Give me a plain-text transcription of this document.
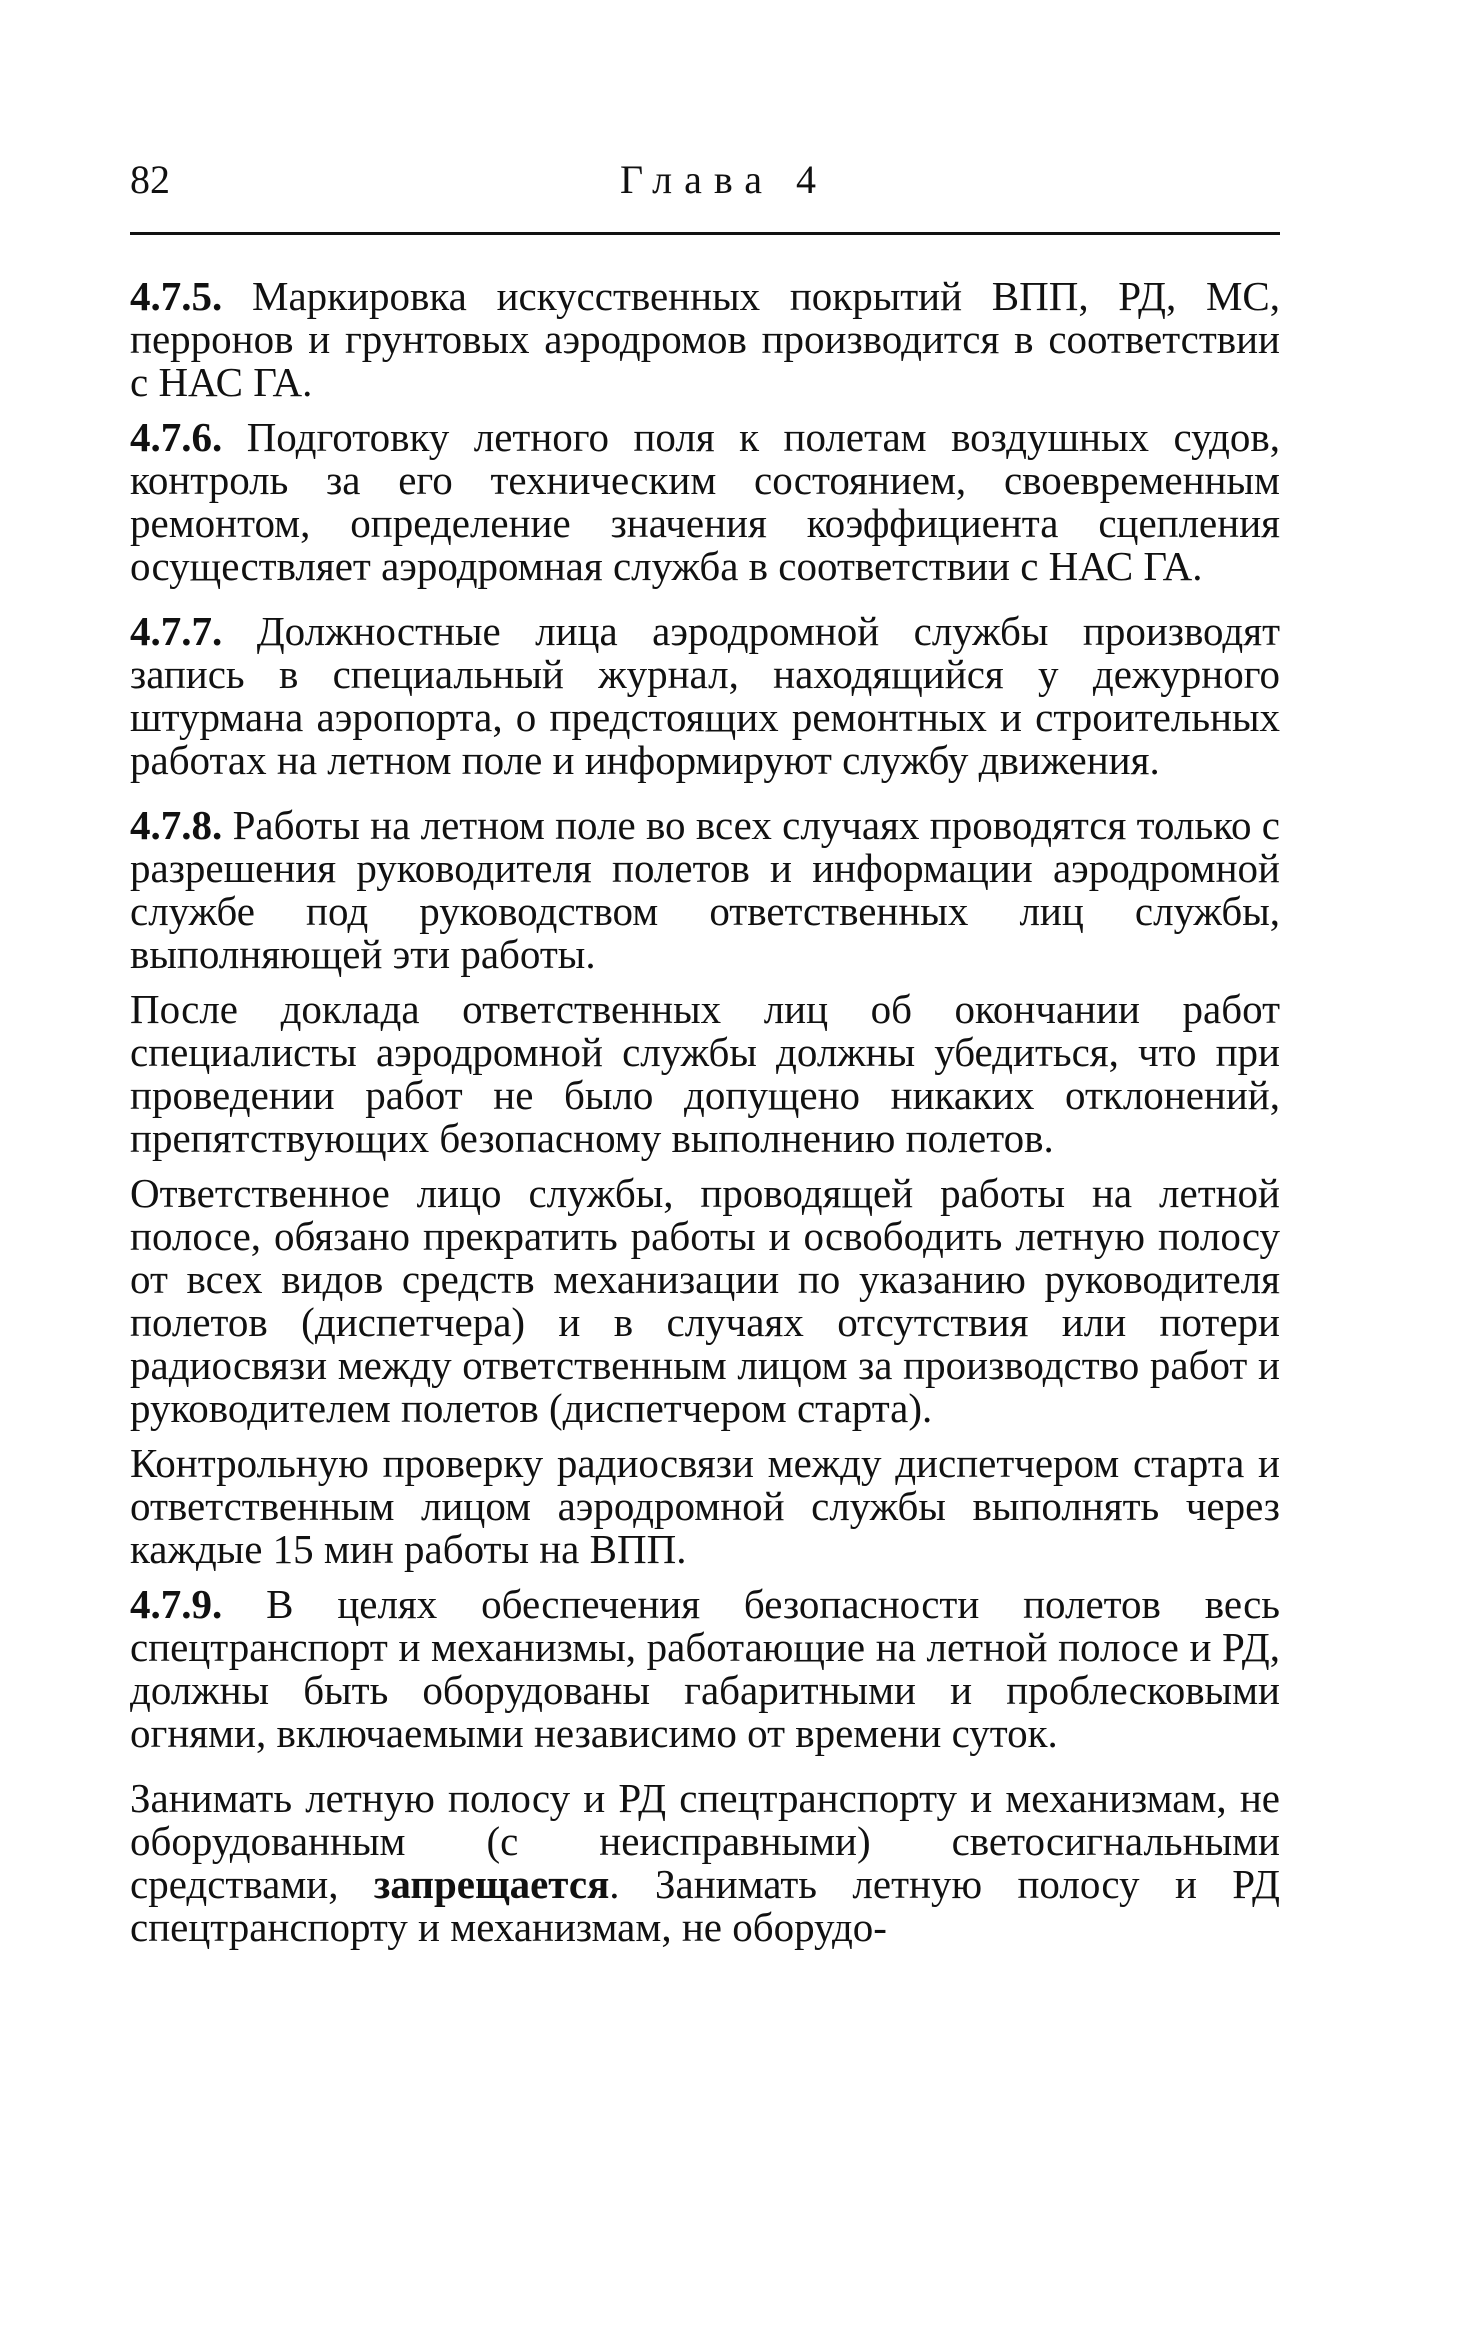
82	Глава 4

4.7.5. Маркировка искусственных покрытий ВПП, РД, МС, перронов и грунтовых аэродромов производится в соответствии с НАС ГА.

4.7.6. Подготовку летного поля к полетам воздушных судов, контроль за его техническим состоянием, своевременным ремонтом, определение значения коэффициента сцепления осуществляет аэродромная служба в соответствии с НАС ГА.

4.7.7. Должностные лица аэродромной службы производят запись в специальный журнал, находящийся у дежурного штурмана аэропорта, о предстоящих ремонтных и строительных работах на летном поле и информируют службу движения.

4.7.8. Работы на летном поле во всех случаях проводятся только с разрешения руководителя полетов и информации аэродромной службе под руководством ответственных лиц службы, выполняющей эти работы.

После доклада ответственных лиц об окончании работ специалисты аэродромной службы должны убедиться, что при проведении работ не было допущено никаких отклонений, препятствующих безопасному выполнению полетов.

Ответственное лицо службы, проводящей работы на летной полосе, обязано прекратить работы и освободить летную полосу от всех видов средств механизации по указанию руководителя полетов (диспетчера) и в случаях отсутствия или потери радиосвязи между ответственным лицом за производство работ и руководителем полетов (диспетчером старта).

Контрольную проверку радиосвязи между диспетчером старта и ответственным лицом аэродромной службы выполнять через каждые 15 мин работы на ВПП.

4.7.9. В целях обеспечения безопасности полетов весь спецтранспорт и механизмы, работающие на летной полосе и РД, должны быть оборудованы габаритными и проблесковыми огнями, включаемыми независимо от времени суток.

Занимать летную полосу и РД спецтранспорту и механизмам, не оборудованным (с неисправными) светосигнальными средствами, запрещается. Занимать летную полосу и РД спецтранспорту и механизмам, не оборудо-
